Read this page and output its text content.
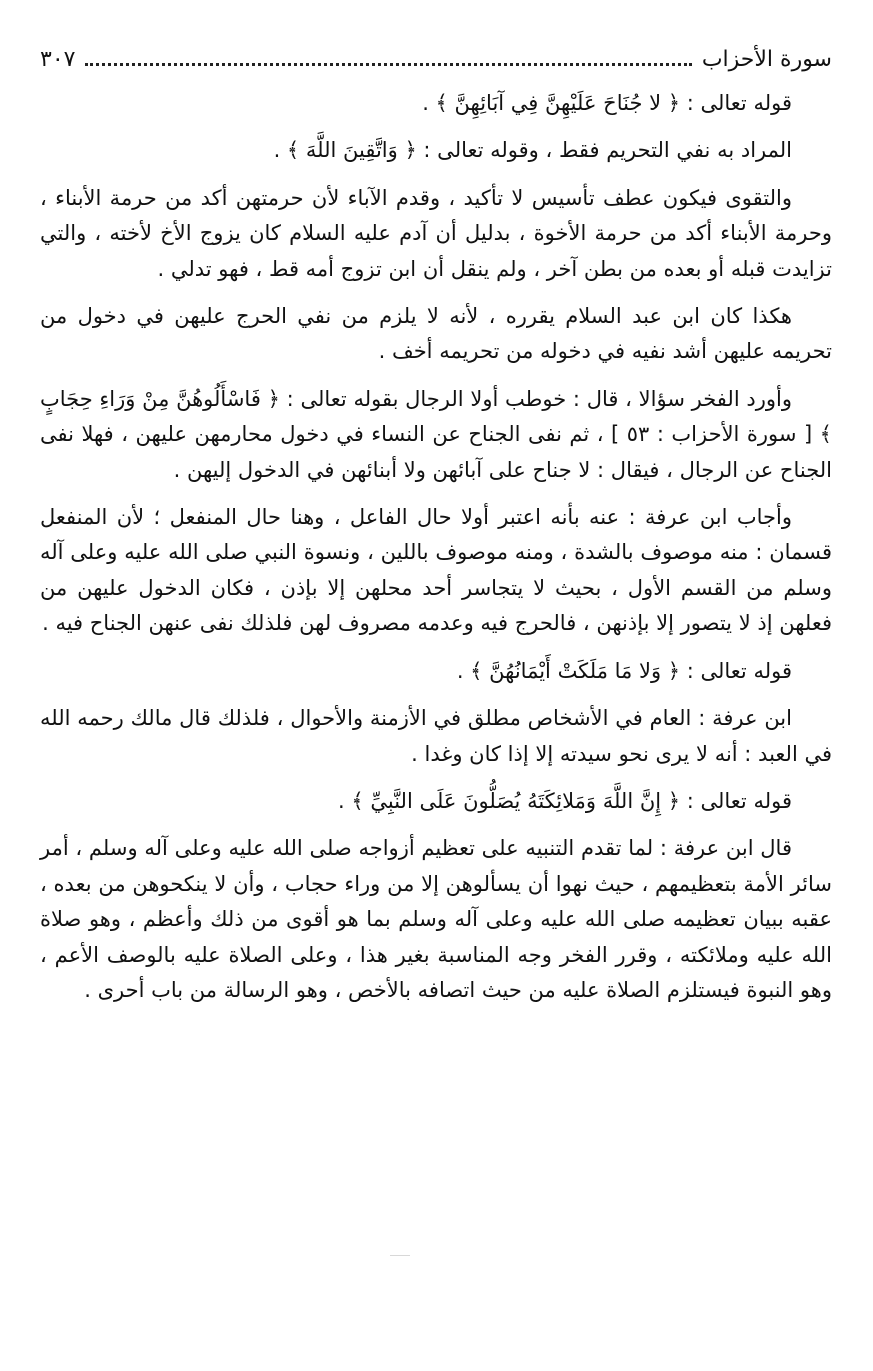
سورة الأحزاب
٣٠٧

قوله تعالى : ﴿ لا جُنَاحَ عَلَيْهِنَّ فِي آبَائِهِنَّ ﴾ .

المراد به نفي التحريم فقط ، وقوله تعالى : ﴿ وَاتَّقِينَ اللَّهَ ﴾ .

والتقوى فيكون عطف تأسيس لا تأكيد ، وقدم الآباء لأن حرمتهن أكد من حرمة الأبناء ، وحرمة الأبناء أكد من حرمة الأخوة ، بدليل أن آدم عليه السلام كان يزوج الأخ لأخته ، والتي تزايدت قبله أو بعده من بطن آخر ، ولم ينقل أن ابن تزوج أمه قط ، فهو تدلي .

هكذا كان ابن عبد السلام يقرره ، لأنه لا يلزم من نفي الحرج عليهن في دخول من تحريمه عليهن أشد نفيه في دخوله من تحريمه أخف .

وأورد الفخر سؤالا ، قال : خوطب أولا الرجال بقوله تعالى : ﴿ فَاسْأَلُوهُنَّ مِنْ وَرَاءِ حِجَابٍ ﴾ [ سورة الأحزاب : ٥٣ ] ، ثم نفى الجناح عن النساء في دخول محارمهن عليهن ، فهلا نفى الجناح عن الرجال ، فيقال : لا جناح على آبائهن ولا أبنائهن في الدخول إليهن .

وأجاب ابن عرفة : عنه بأنه اعتبر أولا حال الفاعل ، وهنا حال المنفعل ؛ لأن المنفعل قسمان : منه موصوف بالشدة ، ومنه موصوف باللين ، ونسوة النبي صلى الله عليه وعلى آله وسلم من القسم الأول ، بحيث لا يتجاسر أحد محلهن إلا بإذن ، فكان الدخول عليهن من فعلهن إذ لا يتصور إلا بإذنهن ، فالحرج فيه وعدمه مصروف لهن فلذلك نفى عنهن الجناح فيه .

قوله تعالى : ﴿ وَلا مَا مَلَكَتْ أَيْمَانُهُنَّ ﴾ .

ابن عرفة : العام في الأشخاص مطلق في الأزمنة والأحوال ، فلذلك قال مالك رحمه الله في العبد : أنه لا يرى نحو سيدته إلا إذا كان وغدا .

قوله تعالى : ﴿ إِنَّ اللَّهَ وَمَلائِكَتَهُ يُصَلُّونَ عَلَى النَّبِيِّ ﴾ .

قال ابن عرفة : لما تقدم التنبيه على تعظيم أزواجه صلى الله عليه وعلى آله وسلم ، أمر سائر الأمة بتعظيمهم ، حيث نهوا أن يسألوهن إلا من وراء حجاب ، وأن لا ينكحوهن من بعده ، عقبه ببيان تعظيمه صلى الله عليه وعلى آله وسلم بما هو أقوى من ذلك وأعظم ، وهو صلاة الله عليه وملائكته ، وقرر الفخر وجه المناسبة بغير هذا ، وعلى الصلاة عليه بالوصف الأعم ، وهو النبوة فيستلزم الصلاة عليه من حيث اتصافه بالأخص ، وهو الرسالة من باب أحرى .
